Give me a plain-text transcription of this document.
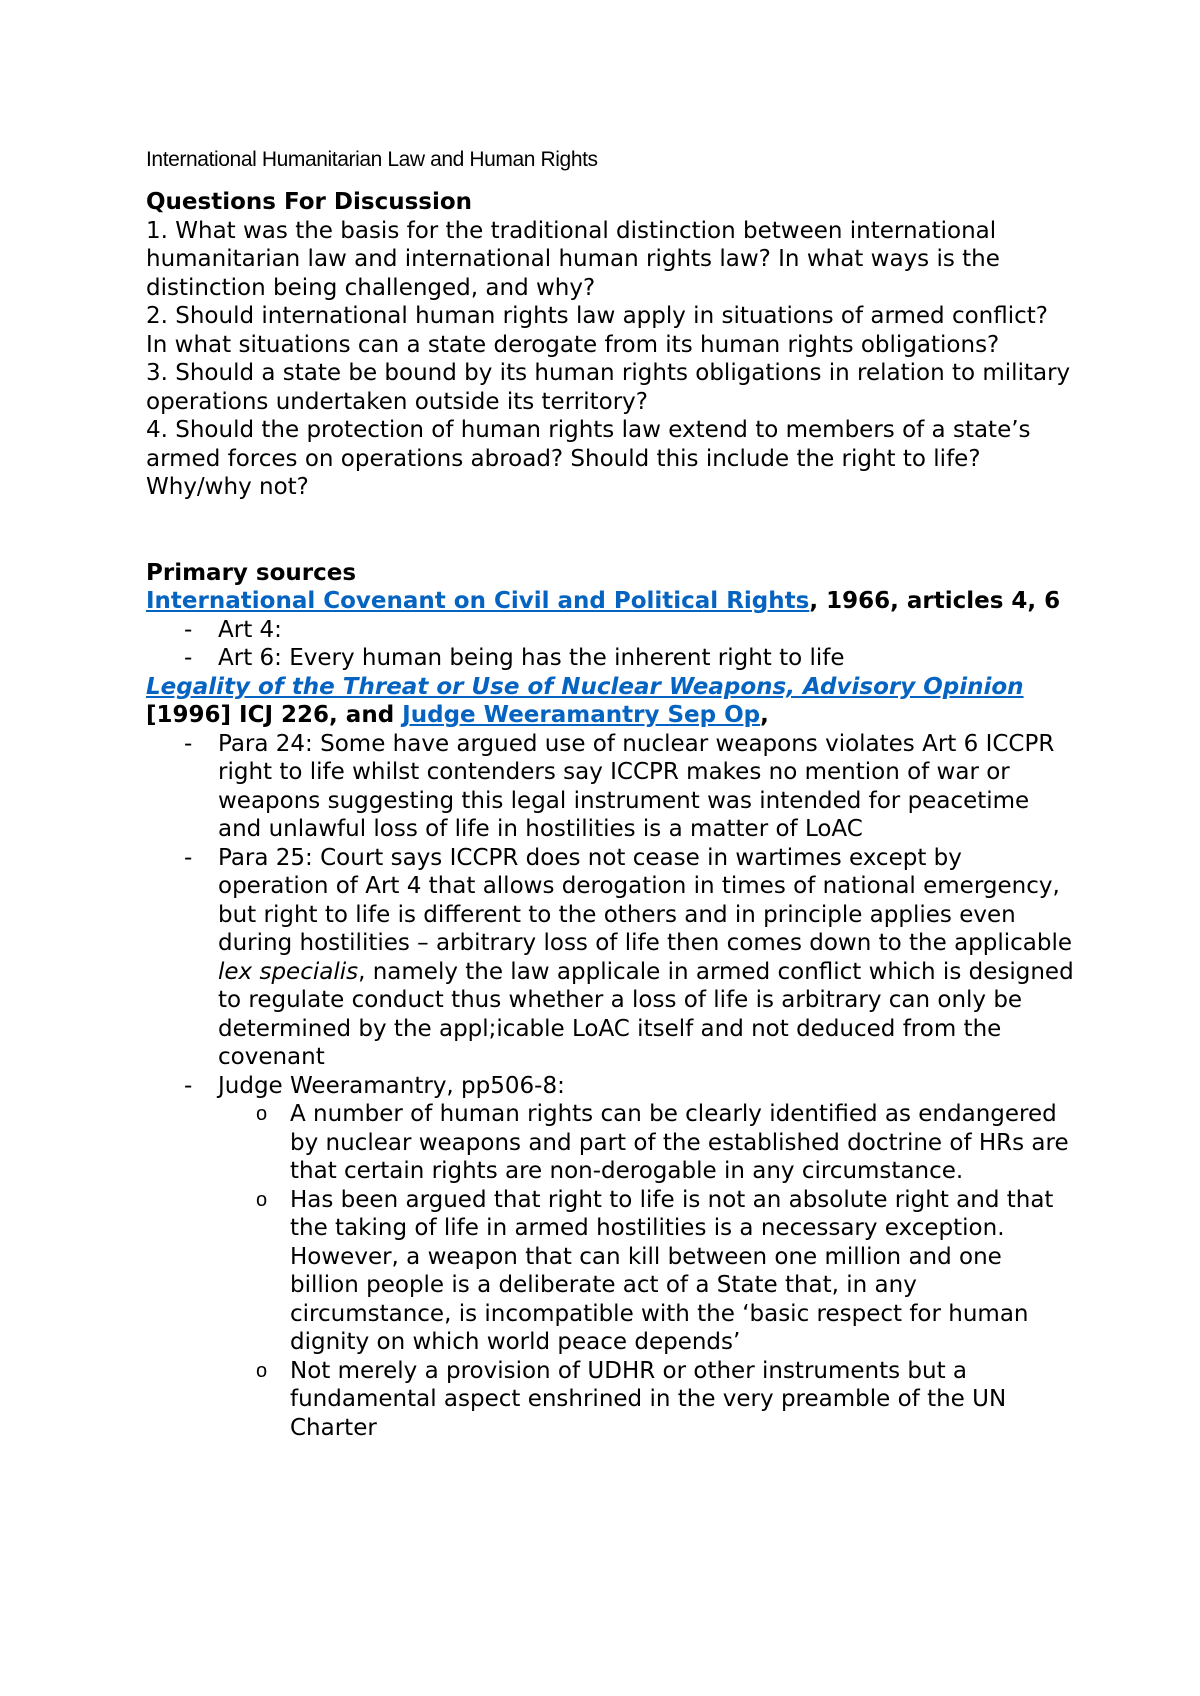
International Humanitarian Law and Human Rights

Questions For Discussion

1. What was the basis for the traditional distinction between international humanitarian law and international human rights law? In what ways is the distinction being challenged, and why?

2. Should international human rights law apply in situations of armed conflict? In what situations can a state derogate from its human rights obligations?

3. Should a state be bound by its human rights obligations in relation to military operations undertaken outside its territory?

4. Should the protection of human rights law extend to members of a state’s armed forces on operations abroad? Should this include the right to life? Why/why not?

Primary sources

International Covenant on Civil and Political Rights, 1966, articles 4, 6

- Art 4:
- Art 6: Every human being has the inherent right to life

Legality of the Threat or Use of Nuclear Weapons, Advisory Opinion [1996] ICJ 226, and Judge Weeramantry Sep Op,

- Para 24: Some have argued use of nuclear weapons violates Art 6 ICCPR right to life whilst contenders say ICCPR makes no mention of war or weapons suggesting this legal instrument was intended for peacetime and unlawful loss of life in hostilities is a matter of LoAC
- Para 25: Court says ICCPR does not cease in wartimes except by operation of Art 4 that allows derogation in times of national emergency, but right to life is different to the others and in principle applies even during hostilities – arbitrary loss of life then comes down to the applicable lex specialis, namely the law applicale in armed conflict which is designed to regulate conduct thus whether a loss of life is arbitrary can only be determined by the appl;icable LoAC itself and not deduced from the covenant
- Judge Weeramantry, pp506-8:
o A number of human rights can be clearly identified as endangered by nuclear weapons and part of the established doctrine of HRs are that certain rights are non-derogable in any circumstance.
o Has been argued that right to life is not an absolute right and that the taking of life in armed hostilities is a necessary exception. However, a weapon that can kill between one million and one billion people is a deliberate act of a State that, in any circumstance, is incompatible with the ‘basic respect for human dignity on which world peace depends’
o Not merely a provision of UDHR or other instruments but a fundamental aspect enshrined in the very preamble of the UN Charter
